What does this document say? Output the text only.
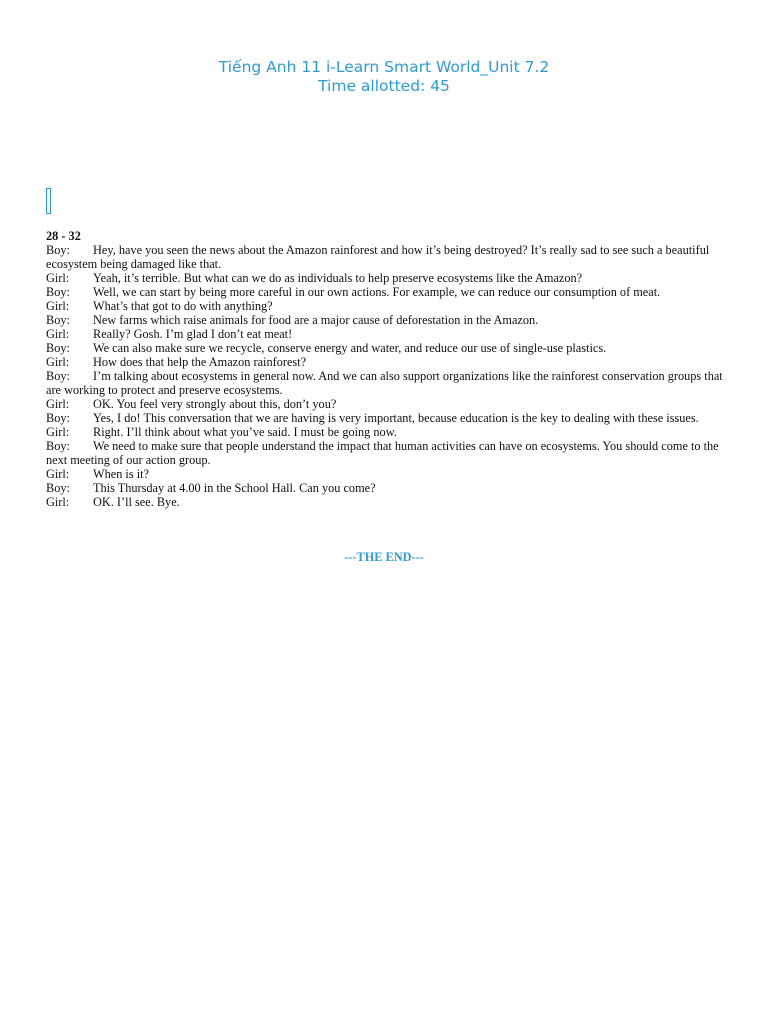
Tiếng Anh 11 i-Learn Smart World_Unit 7.2
Time allotted: 45
28 - 32
Boy: Hey, have you seen the news about the Amazon rainforest and how it’s being destroyed? It’s really sad to see such a beautiful ecosystem being damaged like that.
Girl: Yeah, it’s terrible. But what can we do as individuals to help preserve ecosystems like the Amazon?
Boy: Well, we can start by being more careful in our own actions. For example, we can reduce our consumption of meat.
Girl: What’s that got to do with anything?
Boy: New farms which raise animals for food are a major cause of deforestation in the Amazon.
Girl: Really? Gosh. I’m glad I don’t eat meat!
Boy: We can also make sure we recycle, conserve energy and water, and reduce our use of single-use plastics.
Girl: How does that help the Amazon rainforest?
Boy: I’m talking about ecosystems in general now. And we can also support organizations like the rainforest conservation groups that are working to protect and preserve ecosystems.
Girl: OK. You feel very strongly about this, don’t you?
Boy: Yes, I do! This conversation that we are having is very important, because education is the key to dealing with these issues.
Girl: Right. I’ll think about what you’ve said. I must be going now.
Boy: We need to make sure that people understand the impact that human activities can have on ecosystems. You should come to the next meeting of our action group.
Girl: When is it?
Boy: This Thursday at 4.00 in the School Hall. Can you come?
Girl: OK. I’ll see. Bye.
---THE END---
